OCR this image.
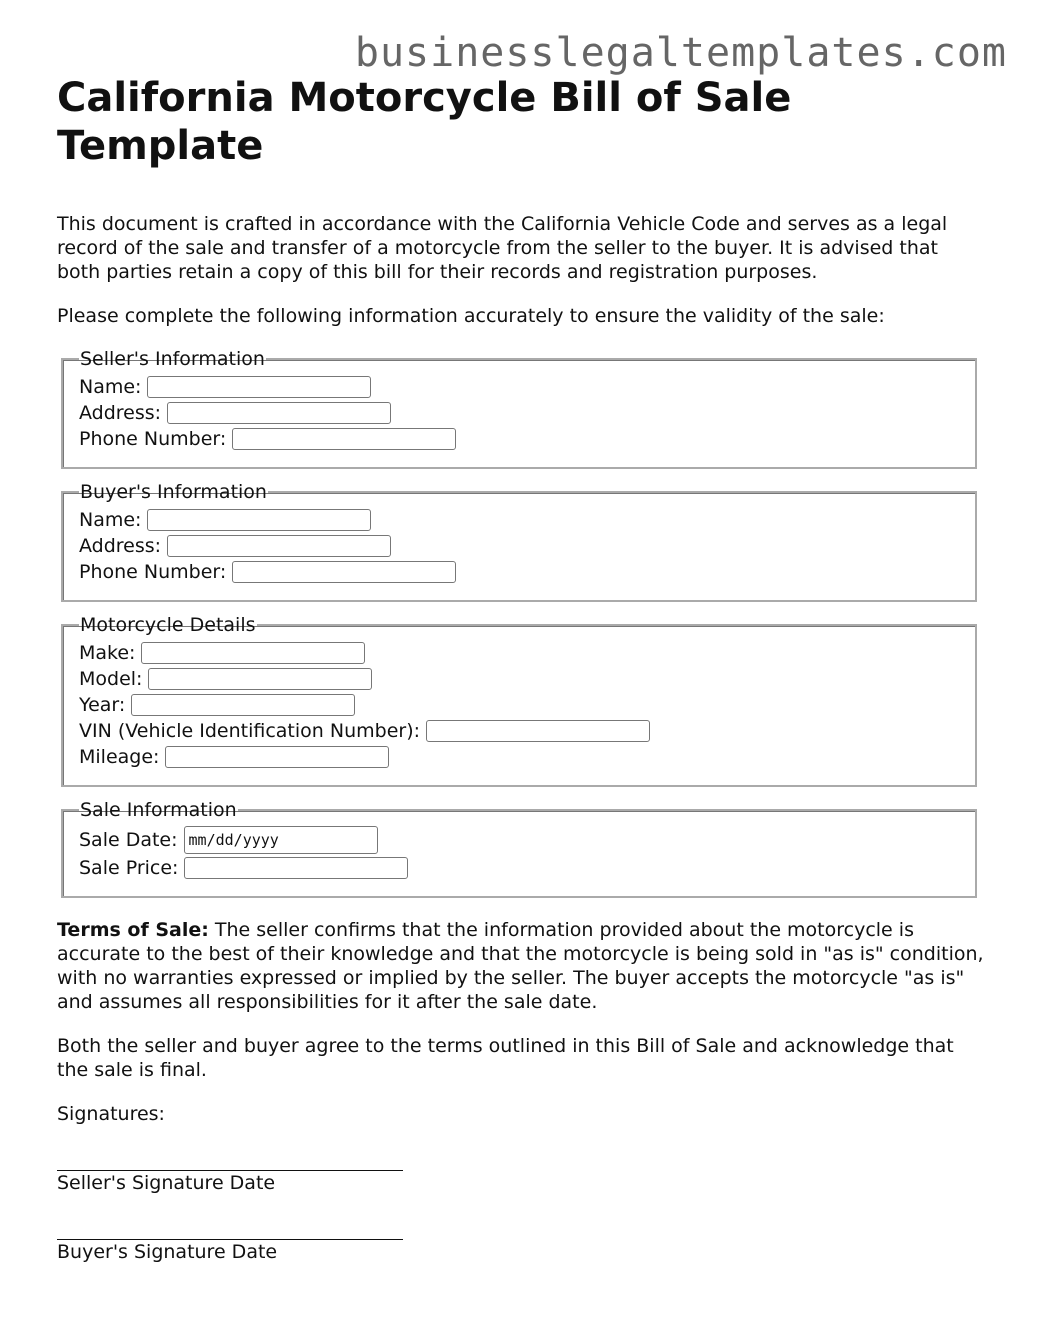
businesslegaltemplates.com
California Motorcycle Bill of Sale Template

This document is crafted in accordance with the California Vehicle Code and serves as a legal record of the sale and transfer of a motorcycle from the seller to the buyer. It is advised that both parties retain a copy of this bill for their records and registration purposes.

Please complete the following information accurately to ensure the validity of the sale:

Seller's Information
Name:
Address:
Phone Number:
Buyer's Information
Name:
Address:
Phone Number:
Motorcycle Details
Make:
Model:
Year:
VIN (Vehicle Identification Number):
Mileage:
Sale Information
Sale Date: mm/dd/yyyy
Sale Price:

Terms of Sale: The seller confirms that the information provided about the motorcycle is accurate to the best of their knowledge and that the motorcycle is being sold in "as is" condition, with no warranties expressed or implied by the seller. The buyer accepts the motorcycle "as is" and assumes all responsibilities for it after the sale date.

Both the seller and buyer agree to the terms outlined in this Bill of Sale and acknowledge that the sale is final.

Signatures:

Seller's Signature Date
Buyer's Signature Date
